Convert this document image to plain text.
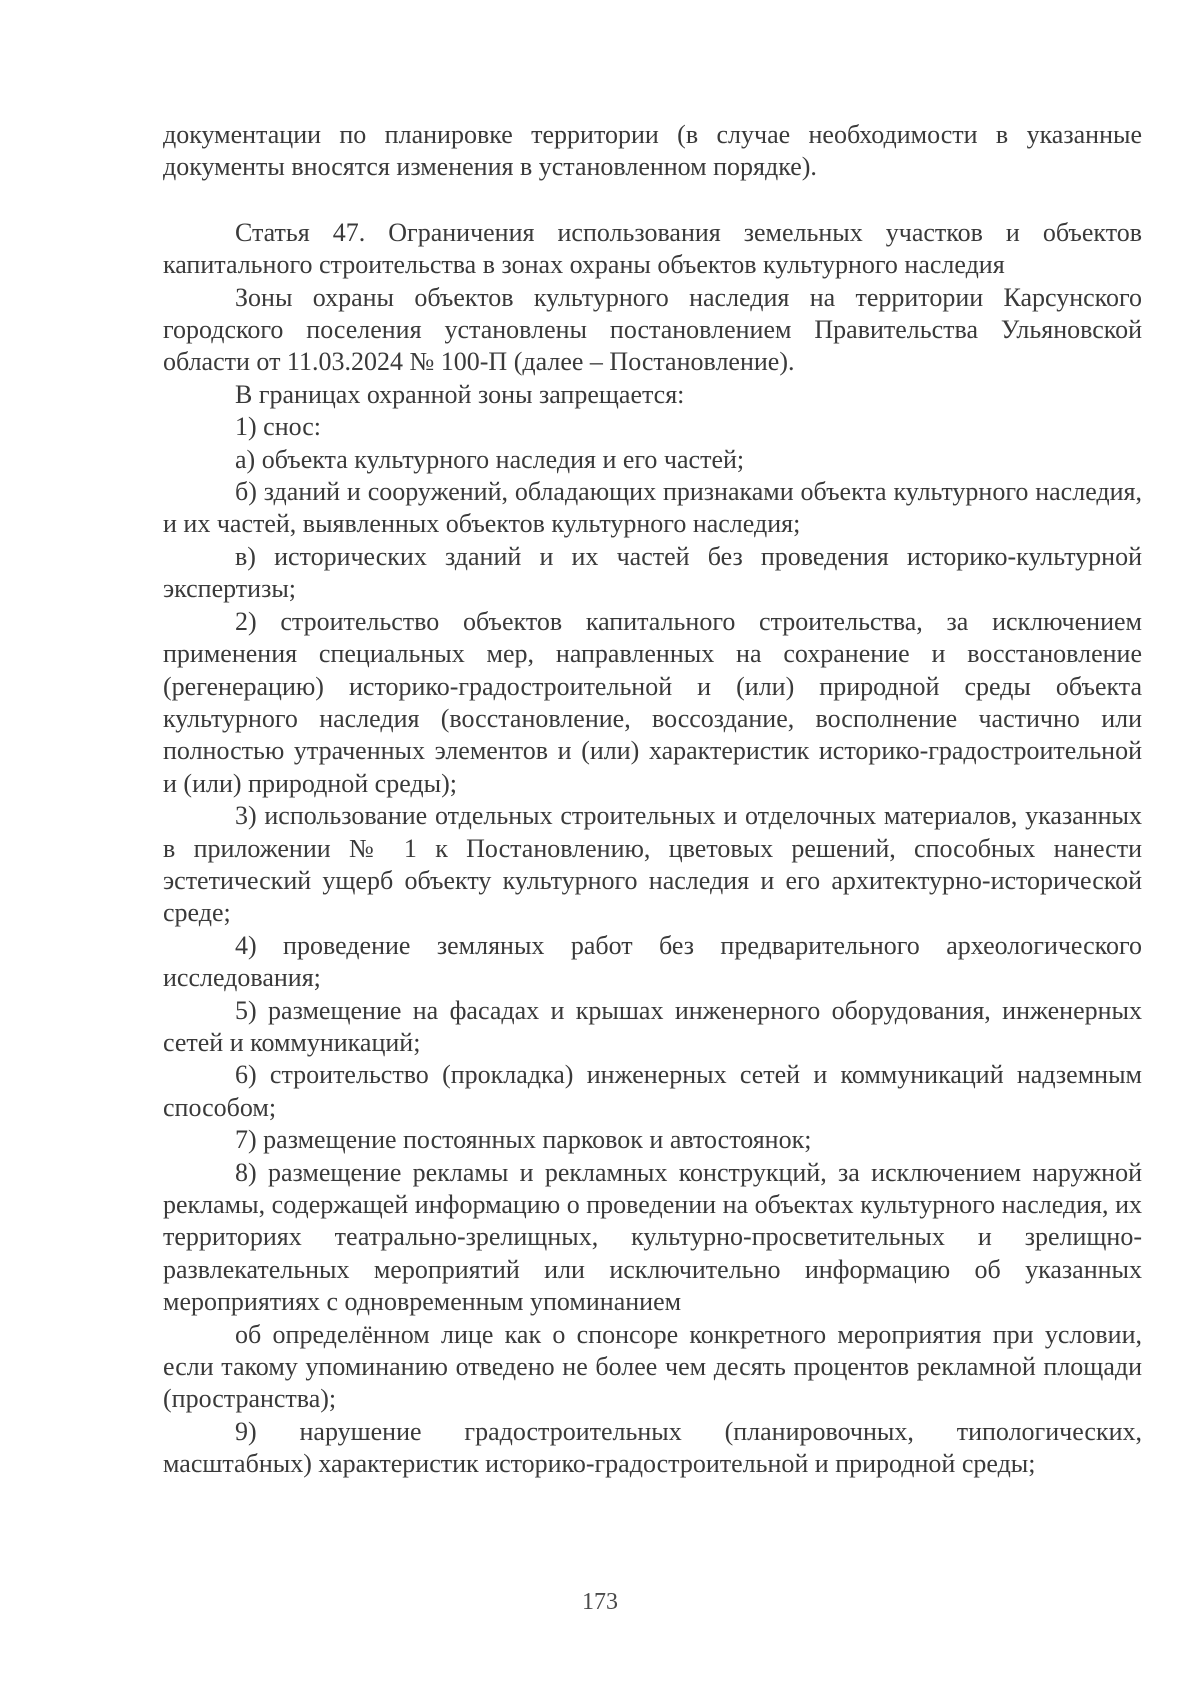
документации по планировке территории (в случае необходимости в указанные документы вносятся изменения в установленном порядке).

Статья 47. Ограничения использования земельных участков и объектов капитального строительства в зонах охраны объектов культурного наследия

Зоны охраны объектов культурного наследия на территории Карсунского городского поселения установлены постановлением Правительства Ульяновской области от 11.03.2024 № 100-П (далее – Постановление).

В границах охранной зоны запрещается:

1) снос:

а) объекта культурного наследия и его частей;

б) зданий и сооружений, обладающих признаками объекта культурного наследия, и их частей, выявленных объектов культурного наследия;

в) исторических зданий и их частей без проведения историко-культурной экспертизы;

2) строительство объектов капитального строительства, за исключением применения специальных мер, направленных на сохранение и восстановление (регенерацию) историко-градостроительной и (или) природной среды объекта культурного наследия (восстановление, воссоздание, восполнение частично или полностью утраченных элементов и (или) характеристик историко-градостроительной и (или) природной среды);

3) использование отдельных строительных и отделочных материалов, указанных в приложении № 1 к Постановлению, цветовых решений, способных нанести эстетический ущерб объекту культурного наследия и его архитектурно-исторической среде;

4) проведение земляных работ без предварительного археологического исследования;

5) размещение на фасадах и крышах инженерного оборудования, инженерных сетей и коммуникаций;

6) строительство (прокладка) инженерных сетей и коммуникаций надземным способом;

7) размещение постоянных парковок и автостоянок;

8) размещение рекламы и рекламных конструкций, за исключением наружной рекламы, содержащей информацию о проведении на объектах культурного наследия, их территориях театрально-зрелищных, культурно-просветительных и зрелищно-развлекательных мероприятий или исключительно информацию об указанных мероприятиях с одновременным упоминанием

об определённом лице как о спонсоре конкретного мероприятия при условии, если такому упоминанию отведено не более чем десять процентов рекламной площади (пространства);

9) нарушение градостроительных (планировочных, типологических, масштабных) характеристик историко-градостроительной и природной среды;

173
